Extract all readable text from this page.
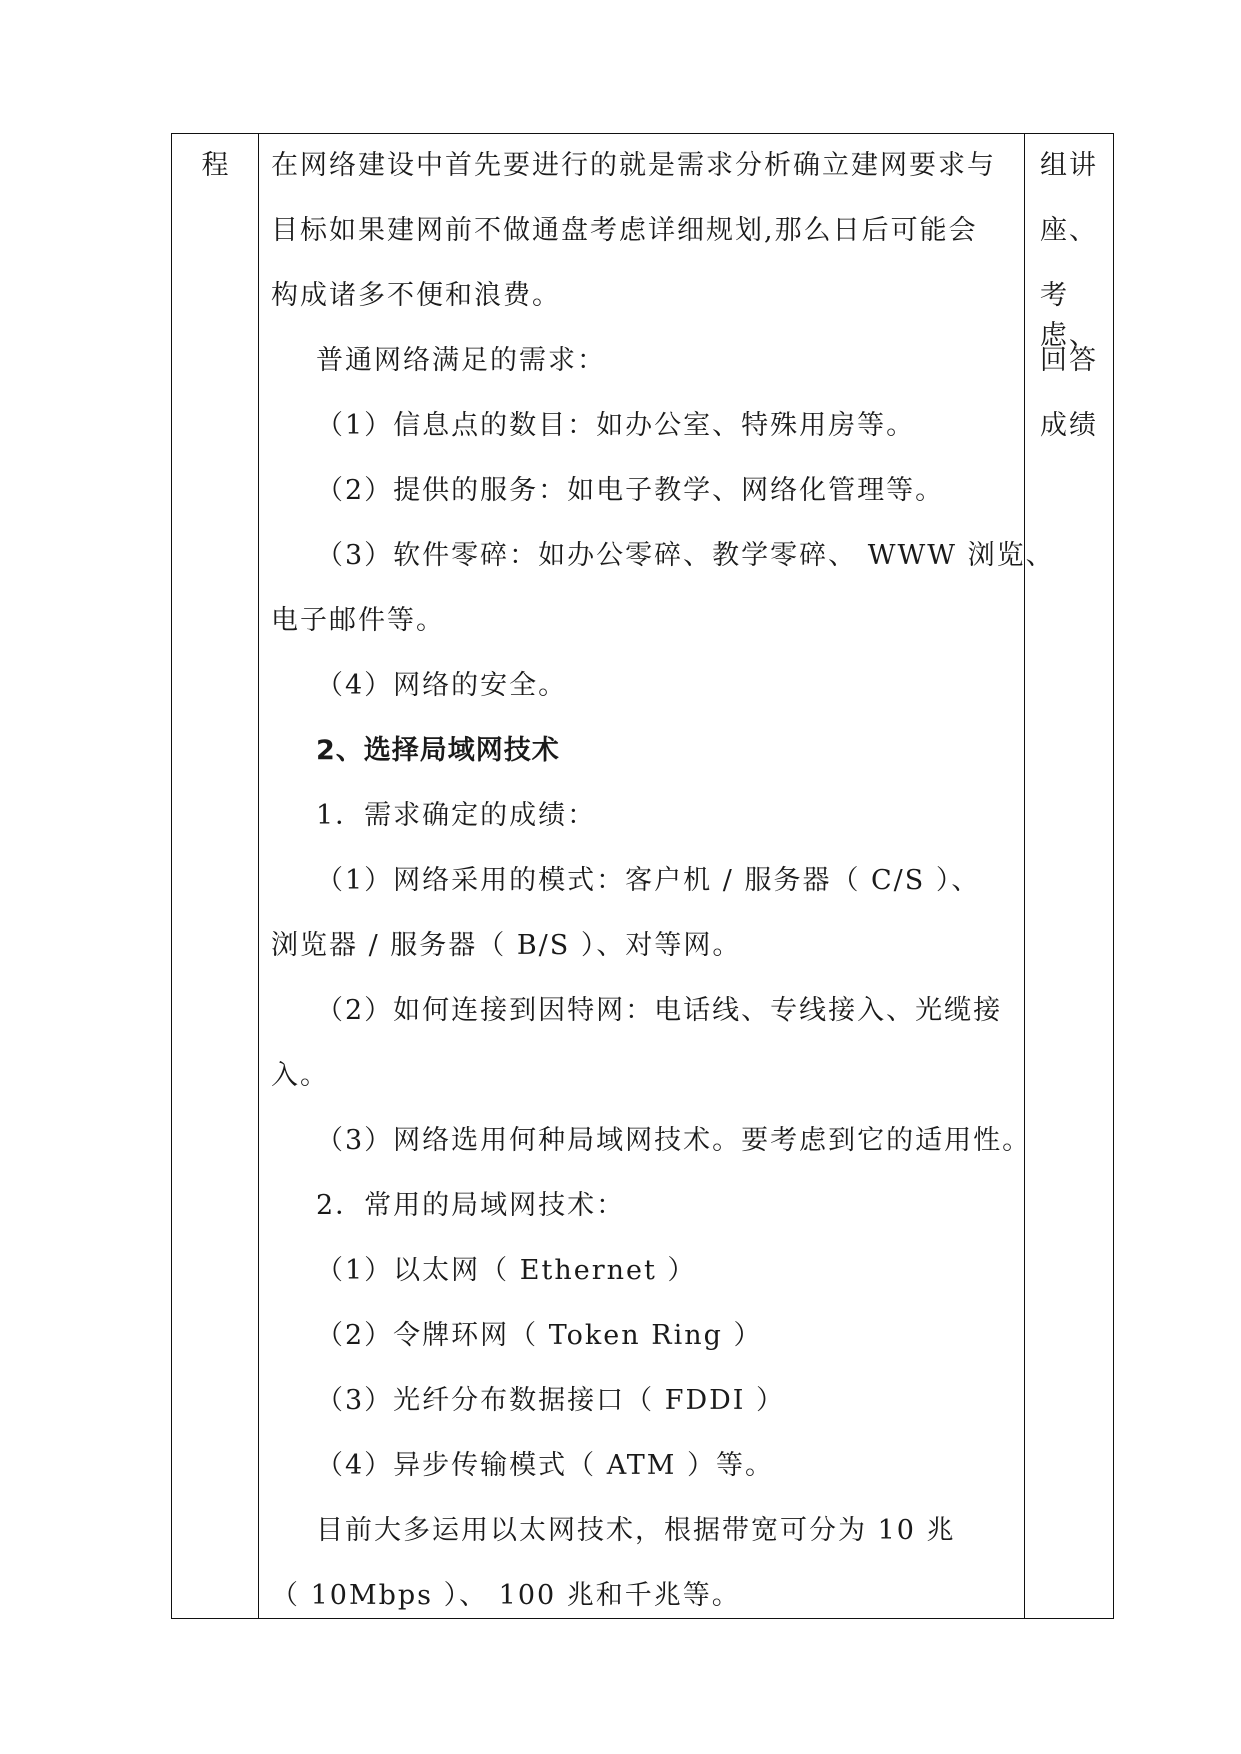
程	在网络建设中首先要进行的就是需求分析确立建网要求与
目标如果建网前不做通盘考虑详细规划,那么日后可能会
构成诸多不便和浪费。
普通网络满足的需求：
（1）信息点的数目：如办公室、特殊用房等。
（2）提供的服务：如电子教学、网络化管理等。
（3）软件零碎：如办公零碎、教学零碎、 WWW 浏览、
电子邮件等。
（4）网络的安全。
2、选择局域网技术
1．需求确定的成绩：
（1）网络采用的模式：客户机 / 服务器（ C/S ）、
浏览器 / 服务器（ B/S ）、对等网。
（2）如何连接到因特网：电话线、专线接入、光缆接
入。
（3）网络选用何种局域网技术。要考虑到它的适用性。
2．常用的局域网技术：
（1）以太网（ Ethernet ）
（2）令牌环网（ Token Ring ）
（3）光纤分布数据接口（ FDDI ）
（4）异步传输模式（ ATM ）等。
目前大多运用以太网技术，根据带宽可分为 10 兆
（ 10Mbps ）、 100 兆和千兆等。
组讲
座、
考虑、
回答
成绩
